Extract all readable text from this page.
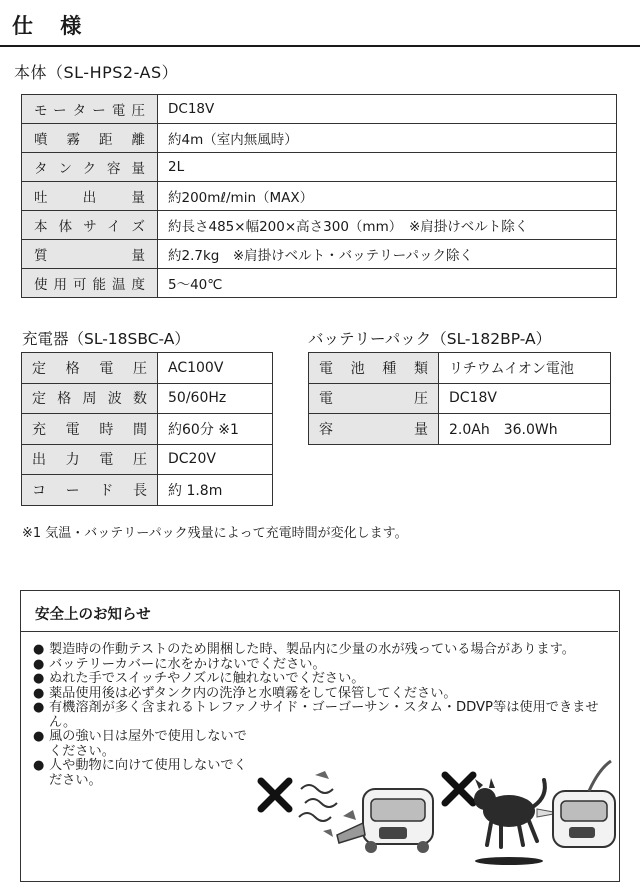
仕 様
本体（SL-HPS2-AS）
モーター電圧	DC18V
噴霧距離	約4m（室内無風時）
タンク容量	2L
吐出量	約200mℓ/min（MAX）
本体サイズ	約長さ485×幅200×高さ300（mm）　※肩掛けベルト除く
質量	約2.7kg　※肩掛けベルト・バッテリーパック除く
使用可能温度	5〜40℃
充電器（SL-18SBC-A）	バッテリーパック（SL-182BP-A）
定格電圧	AC100V
定格周波数	50/60Hz
充電時間	約60分 ※1
出力電圧	DC20V
コード長	約 1.8m
電池種類	リチウムイオン電池
電圧	DC18V
容量	2.0Ah　36.0Wh
※1 気温・バッテリーパック残量によって充電時間が変化します。
安全上のお知らせ
● 製造時の作動テストのため開梱した時、製品内に少量の水が残っている場合があります。
● バッテリーカバーに水をかけないでください。
● ぬれた手でスイッチやノズルに触れないでください。
● 薬品使用後は必ずタンク内の洗浄と水噴霧をして保管してください。
● 有機溶剤が多く含まれるトレファノサイド・ゴーゴーサン・スタム・DDVP等は使用できません。
● 風の強い日は屋外で使用しないでください。
● 人や動物に向けて使用しないでください。
